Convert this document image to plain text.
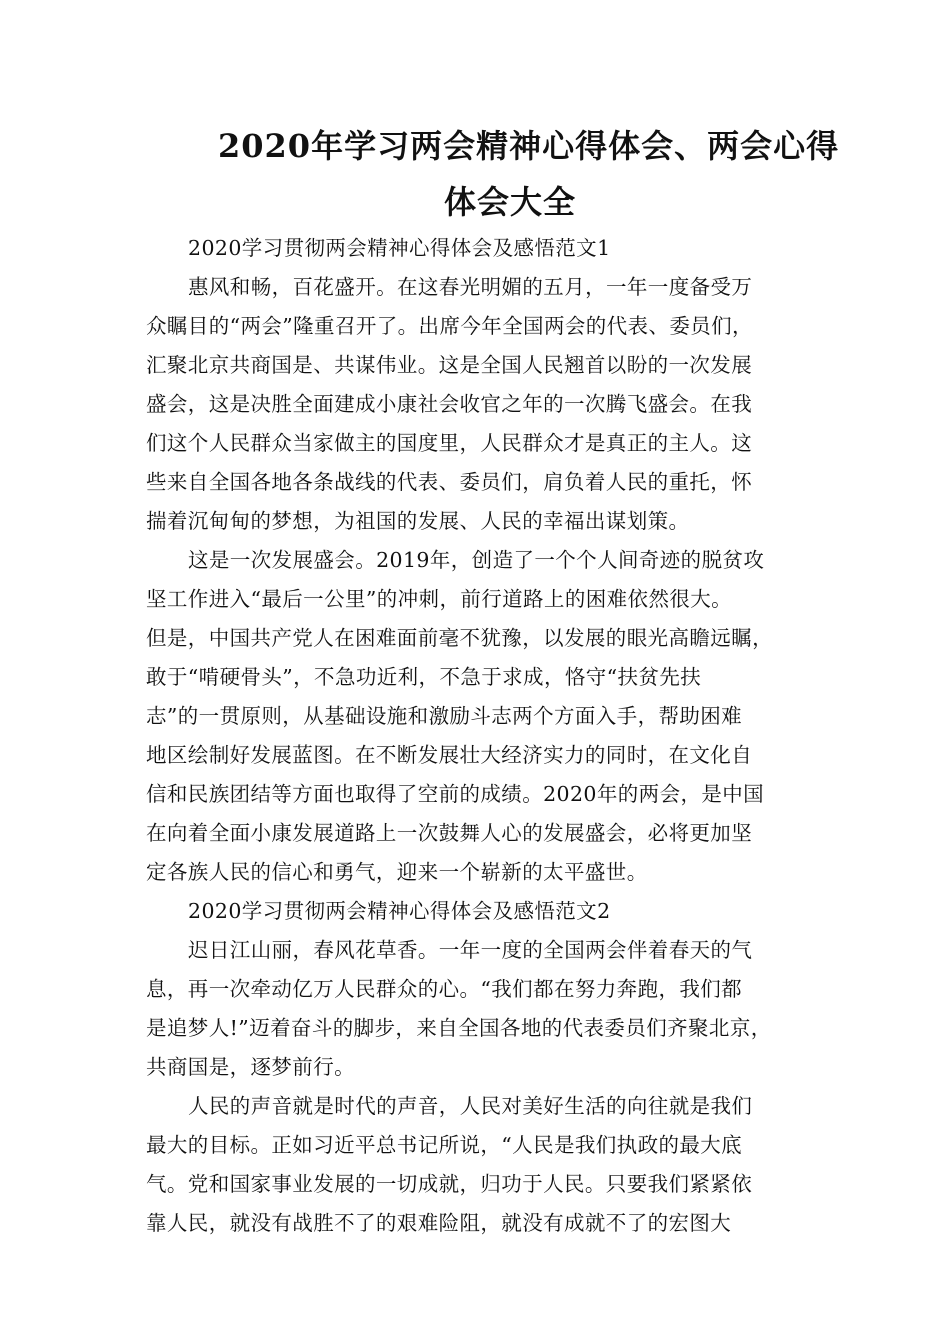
2020年学习两会精神心得体会、两会心得
体会大全

2020学习贯彻两会精神心得体会及感悟范文1

惠风和畅，百花盛开。在这春光明媚的五月，一年一度备受万

众瞩目的“两会”隆重召开了。出席今年全国两会的代表、委员们，

汇聚北京共商国是、共谋伟业。这是全国人民翘首以盼的一次发展

盛会，这是决胜全面建成小康社会收官之年的一次腾飞盛会。在我

们这个人民群众当家做主的国度里，人民群众才是真正的主人。这

些来自全国各地各条战线的代表、委员们，肩负着人民的重托，怀

揣着沉甸甸的梦想，为祖国的发展、人民的幸福出谋划策。

这是一次发展盛会。2019年，创造了一个个人间奇迹的脱贫攻

坚工作进入“最后一公里”的冲刺，前行道路上的困难依然很大。

但是，中国共产党人在困难面前毫不犹豫，以发展的眼光高瞻远瞩，

敢于“啃硬骨头”，不急功近利，不急于求成，恪守“扶贫先扶

志”的一贯原则，从基础设施和激励斗志两个方面入手，帮助困难

地区绘制好发展蓝图。在不断发展壮大经济实力的同时，在文化自

信和民族团结等方面也取得了空前的成绩。2020年的两会，是中国

在向着全面小康发展道路上一次鼓舞人心的发展盛会，必将更加坚

定各族人民的信心和勇气，迎来一个崭新的太平盛世。

2020学习贯彻两会精神心得体会及感悟范文2

迟日江山丽，春风花草香。一年一度的全国两会伴着春天的气

息，再一次牵动亿万人民群众的心。“我们都在努力奔跑，我们都

是追梦人!”迈着奋斗的脚步，来自全国各地的代表委员们齐聚北京，

共商国是，逐梦前行。

人民的声音就是时代的声音，人民对美好生活的向往就是我们

最大的目标。正如习近平总书记所说，“人民是我们执政的最大底

气。党和国家事业发展的一切成就，归功于人民。只要我们紧紧依

靠人民，就没有战胜不了的艰难险阻，就没有成就不了的宏图大
